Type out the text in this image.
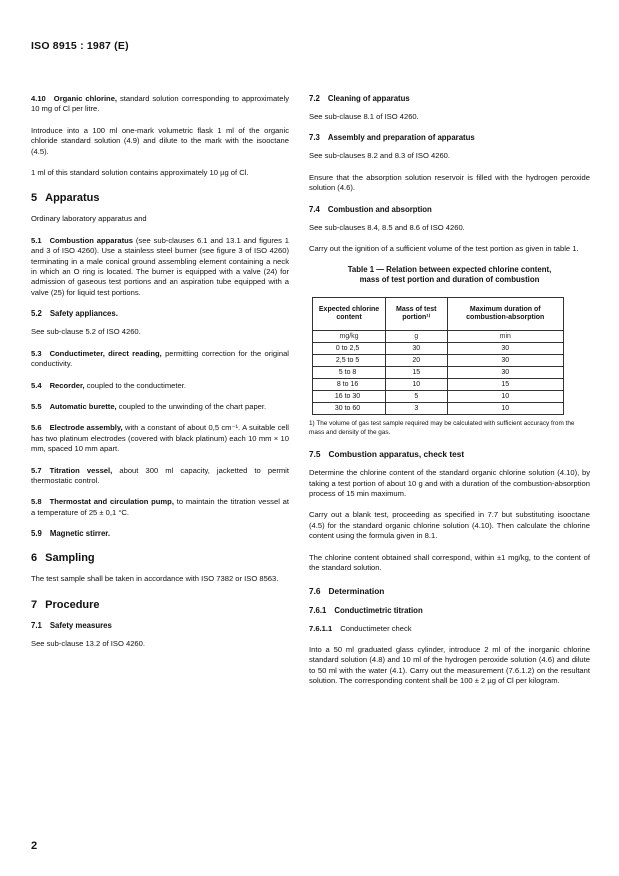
ISO 8915 : 1987 (E)

4.10 Organic chlorine, standard solution corresponding to approximately 10 mg of Cl per litre.

Introduce into a 100 ml one-mark volumetric flask 1 ml of the organic chloride standard solution (4.9) and dilute to the mark with the isooctane (4.5).

1 ml of this standard solution contains approximately 10 µg of Cl.

5 Apparatus

Ordinary laboratory apparatus and

5.1 Combustion apparatus (see sub-clauses 6.1 and 13.1 and figures 1 and 3 of ISO 4260). Use a stainless steel burner (see figure 3 of ISO 4260) terminating in a male conical ground assembling element containing a neck in which an O ring is located. The burner is equipped with a valve (24) for admission of gaseous test portions and an aspiration tube equipped with a valve (25) for liquid test portions.

5.2 Safety appliances.

See sub-clause 5.2 of ISO 4260.

5.3 Conductimeter, direct reading, permitting correction for the original conductivity.

5.4 Recorder, coupled to the conductimeter.

5.5 Automatic burette, coupled to the unwinding of the chart paper.

5.6 Electrode assembly, with a constant of about 0,5 cm⁻¹. A suitable cell has two platinum electrodes (covered with black platinum) each 10 mm × 10 mm, spaced 10 mm apart.

5.7 Titration vessel, about 300 ml capacity, jacketted to permit thermostatic control.

5.8 Thermostat and circulation pump, to maintain the titration vessel at a temperature of 25 ± 0,1 °C.

5.9 Magnetic stirrer.
6 Sampling

The test sample shall be taken in accordance with ISO 7382 or ISO 8563.

7 Procedure
7.1 Safety measures

See sub-clause 13.2 of ISO 4260.

7.2 Cleaning of apparatus

See sub-clause 8.1 of ISO 4260.

7.3 Assembly and preparation of apparatus

See sub-clauses 8.2 and 8.3 of ISO 4260.

Ensure that the absorption solution reservoir is filled with the hydrogen peroxide solution (4.6).

7.4 Combustion and absorption

See sub-clauses 8.4, 8.5 and 8.6 of ISO 4260.

Carry out the ignition of a sufficient volume of the test portion as given in table 1.

Table 1 — Relation between expected chlorine content,
mass of test portion and duration of combustion
Expected chlorine content	Mass of test portion¹⁾	Maximum duration of combustion-absorption
mg/kg	g	min
0 to 2,5	30	30
2,5 to 5	20	30
5 to 8	15	30
8 to 16	10	15
16 to 30	5	10
30 to 60	3	10
1) The volume of gas test sample required may be calculated with sufficient accuracy from the mass and density of the gas.
7.5 Combustion apparatus, check test

Determine the chlorine content of the standard organic chlorine solution (4.10), by taking a test portion of about 10 g and with a duration of the combustion-absorption process of 15 min maximum.

Carry out a blank test, proceeding as specified in 7.7 but substituting isooctane (4.5) for the standard organic chlorine solution (4.10). Then calculate the chlorine content using the formula given in 8.1.

The chlorine content obtained shall correspond, within ±1 mg/kg, to the content of the standard solution.

7.6 Determination
7.6.1 Conductimetric titration

7.6.1.1 Conductimeter check

Into a 50 ml graduated glass cylinder, introduce 2 ml of the inorganic chlorine standard solution (4.8) and 10 ml of the hydrogen peroxide solution (4.6) and dilute to 50 ml with the water (4.1). Carry out the measurement (7.6.1.2) on the resultant solution. The corresponding content shall be 100 ± 2 µg of Cl per kilogram.

2
